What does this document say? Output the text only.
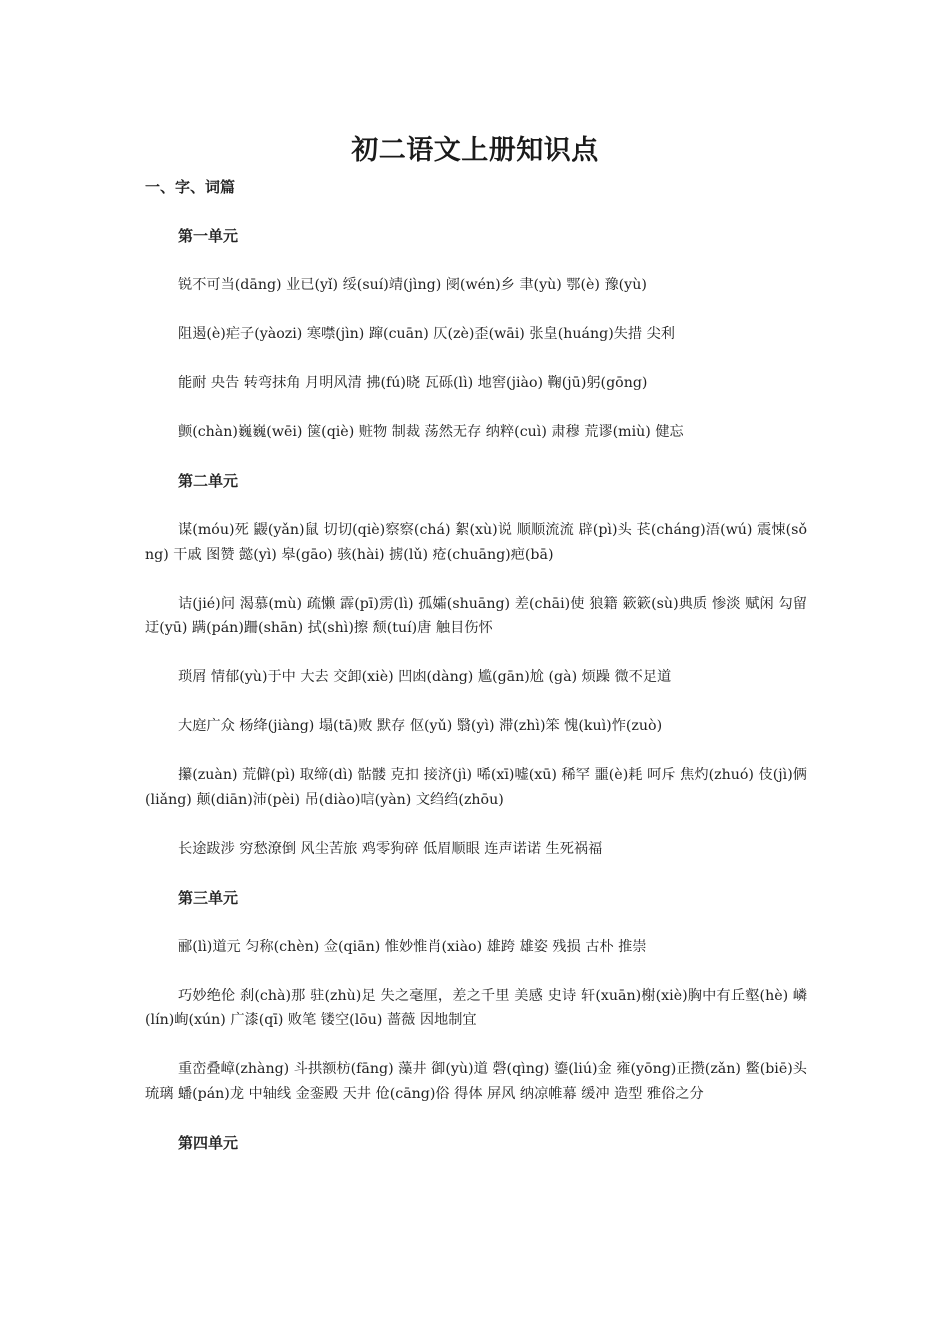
初二语文上册知识点
一、字、词篇
第一单元

锐不可当(dāng) 业已(yǐ) 绥(suí)靖(jìng) 阌(wén)乡 聿(yù) 鄂(è) 豫(yù)

阻遏(è)疟子(yàozi) 寒噤(jìn) 蹿(cuān) 仄(zè)歪(wāi) 张皇(huáng)失措 尖利

能耐 央告 转弯抹角 月明风清 拂(fú)晓 瓦砾(lì) 地窖(jiào) 鞠(jū)躬(gōng)

颤(chàn)巍巍(wēi) 箧(qiè) 赃物 制裁 荡然无存 纳粹(cuì) 肃穆 荒谬(miù) 健忘

第二单元

谋(móu)死 鼹(yǎn)鼠 切切(qiè)察察(chá) 絮(xù)说 顺顺流流 辟(pì)头 苌(cháng)浯(wú) 震悚(sǒng) 干戚 图赞 懿(yì) 皋(gāo) 骇(hài) 掳(lǔ) 疮(chuāng)疤(bā)

诘(jié)问 渴慕(mù) 疏懒 霹(pī)雳(lì) 孤孀(shuāng) 差(chāi)使 狼籍 簌簌(sù)典质 惨淡 赋闲 勾留 迂(yū) 蹒(pán)跚(shān) 拭(shì)擦 颓(tuí)唐 触目伤怀

琐屑 情郁(yù)于中 大去 交卸(xiè) 凹凼(dàng) 尴(gān)尬 (gà) 烦躁 微不足道

大庭广众 杨绛(jiàng) 塌(tā)败 默存 伛(yǔ) 翳(yì) 滞(zhì)笨 愧(kuì)怍(zuò)

攥(zuàn) 荒僻(pì) 取缔(dì) 骷髅 克扣 接济(jì) 唏(xī)嘘(xū) 稀罕 噩(è)耗 呵斥 焦灼(zhuó) 伎(jì)俩(liǎng) 颠(diān)沛(pèi) 吊(diào)唁(yàn) 文绉绉(zhōu)

长途跋涉 穷愁潦倒 风尘苦旅 鸡零狗碎 低眉顺眼 连声诺诺 生死祸福

第三单元

郦(lì)道元 匀称(chèn) 佥(qiān) 惟妙惟肖(xiào) 雄跨 雄姿 残损 古朴 推崇

巧妙绝伦 刹(chà)那 驻(zhù)足 失之毫厘，差之千里 美感 史诗 轩(xuān)榭(xiè)胸中有丘壑(hè) 嶙(lín)峋(xún) 广漆(qī) 败笔 镂空(lōu) 蔷薇 因地制宜

重峦叠嶂(zhàng) 斗拱额枋(fāng) 藻井 御(yù)道 磬(qìng) 鎏(liú)金 雍(yōng)正攒(zǎn) 鳖(biē)头 琉璃 蟠(pán)龙 中轴线 金銮殿 天井 伧(cāng)俗 得体 屏风 纳凉帷幕 缓冲 造型 雅俗之分

第四单元
